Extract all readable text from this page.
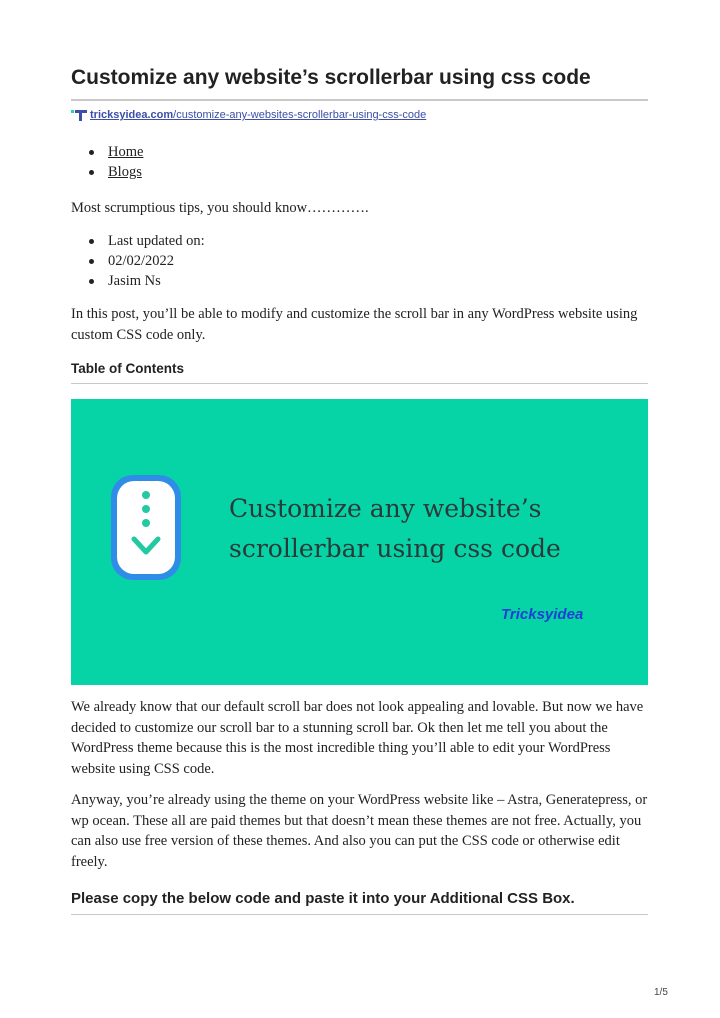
Customize any website’s scrollerbar using css code
tricksyidea.com /customize-any-websites-scrollerbar-using-css-code
Home
Blogs

Most scrumptious tips, you should know………….

Last updated on:
02/02/2022
Jasim Ns

In this post, you’ll be able to modify and customize the scroll bar in any WordPress website using custom CSS code only.

Table of Contents
Customize any website’s
scrollerbar using css code
Tricksyidea

We already know that our default scroll bar does not look appealing and lovable. But now we have decided to customize our scroll bar to a stunning scroll bar. Ok then let me tell you about the WordPress theme because this is the most incredible thing you’ll able to edit your WordPress website using CSS code.

Anyway, you’re already using the theme on your WordPress website like – Astra, Generatepress, or wp ocean. These all are paid themes but that doesn’t mean these themes are not free. Actually, you can also use free version of these themes. And also you can put the CSS code or otherwise edit freely.

Please copy the below code and paste it into your Additional CSS Box.
1/5
